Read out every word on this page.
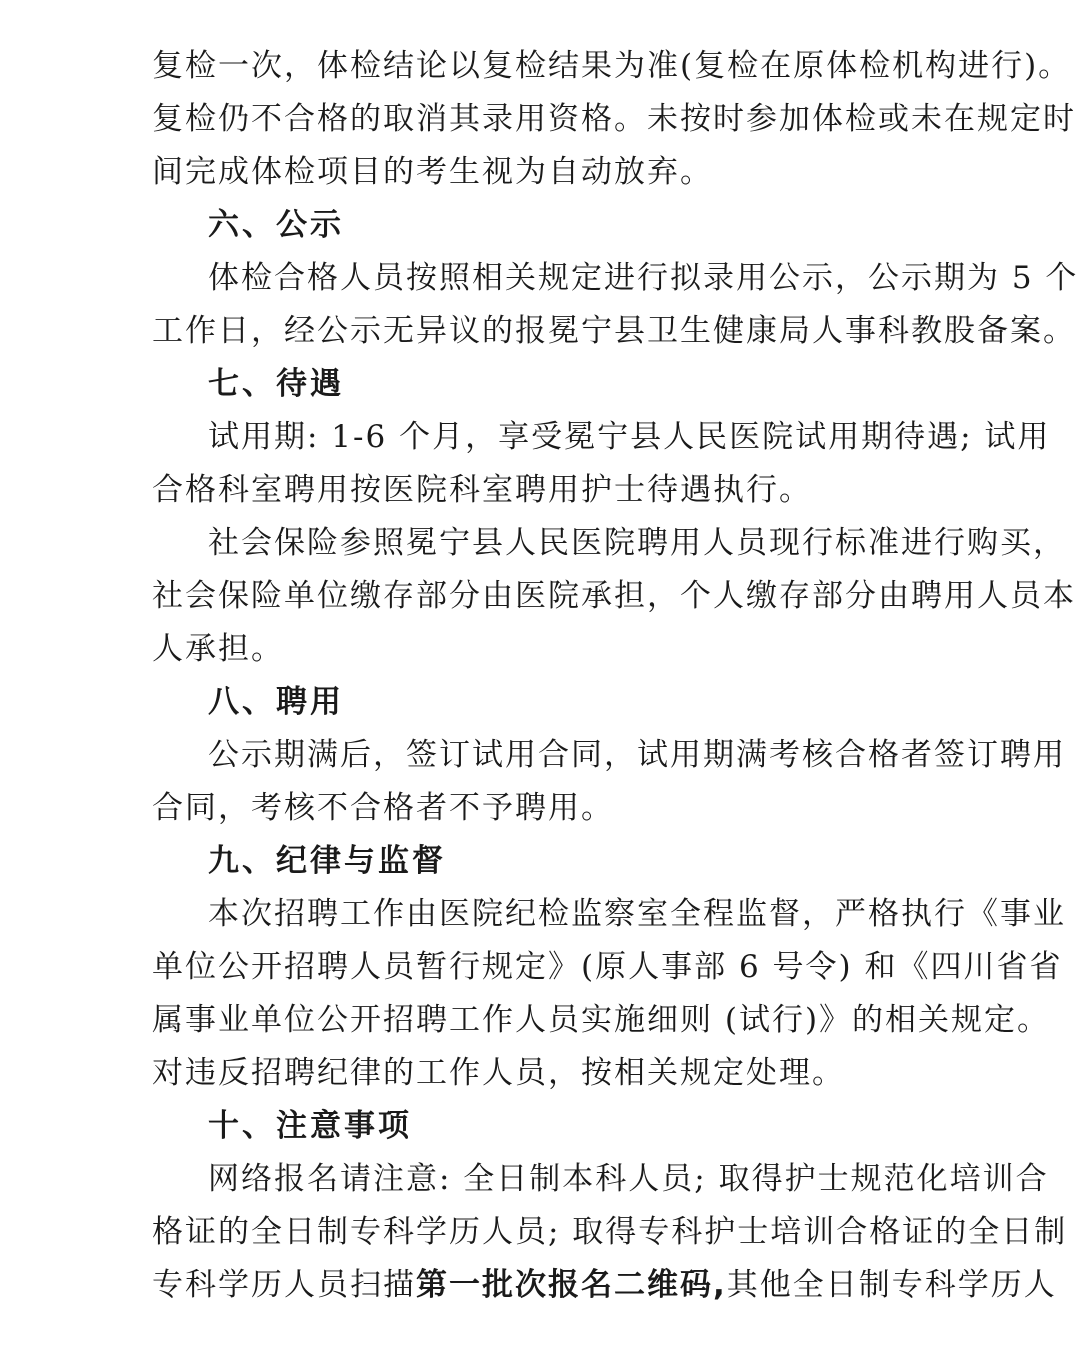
复检一次，体检结论以复检结果为准(复检在原体检机构进行)。
复检仍不合格的取消其录用资格。未按时参加体检或未在规定时
间完成体检项目的考生视为自动放弃。
六、公示
体检合格人员按照相关规定进行拟录用公示，公示期为 5 个
工作日，经公示无异议的报冕宁县卫生健康局人事科教股备案。
七、待遇
试用期: 1-6 个月，享受冕宁县人民医院试用期待遇; 试用
合格科室聘用按医院科室聘用护士待遇执行。
社会保险参照冕宁县人民医院聘用人员现行标准进行购买，
社会保险单位缴存部分由医院承担，个人缴存部分由聘用人员本
人承担。
八、聘用
公示期满后，签订试用合同，试用期满考核合格者签订聘用
合同，考核不合格者不予聘用。
九、纪律与监督
本次招聘工作由医院纪检监察室全程监督，严格执行《事业
单位公开招聘人员暂行规定》(原人事部 6 号令) 和《四川省省
属事业单位公开招聘工作人员实施细则 (试行)》的相关规定。
对违反招聘纪律的工作人员，按相关规定处理。
十、注意事项
网络报名请注意: 全日制本科人员; 取得护士规范化培训合
格证的全日制专科学历人员; 取得专科护士培训合格证的全日制
专科学历人员扫描第一批次报名二维码,其他全日制专科学历人
